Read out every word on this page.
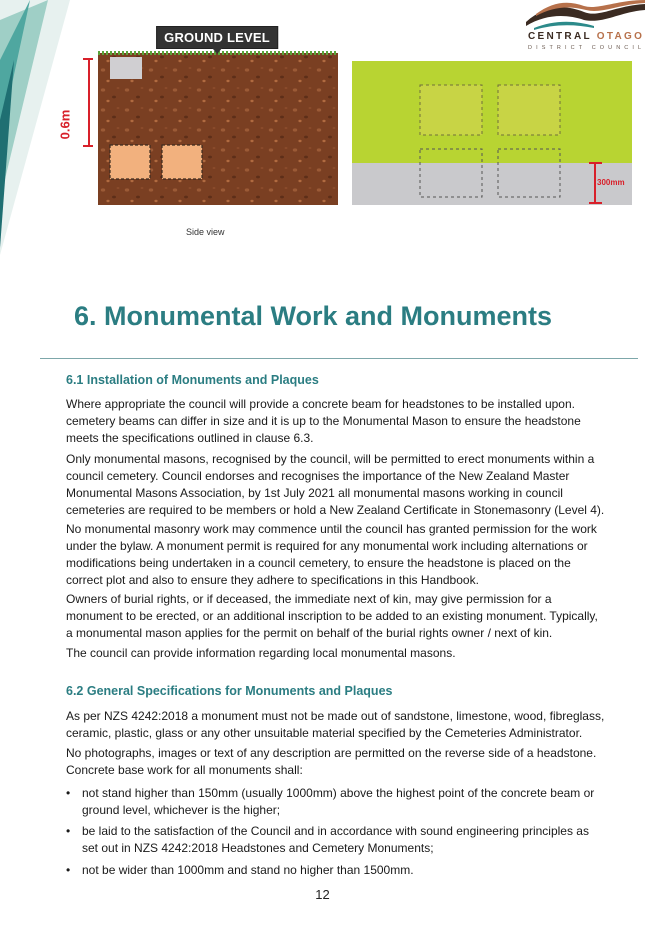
CENTRAL OTAGO
DISTRICT COUNCIL
GROUND LEVEL
0.6m
Side view
300mm
6. Monumental Work and Monuments
6.1 Installation of Monuments and Plaques

Where appropriate the council will provide a concrete beam for headstones to be installed upon. cemetery beams can differ in size and it is up to the Monumental Mason to ensure the headstone meets the specifications outlined in clause 6.3.

Only monumental masons, recognised by the council, will be permitted to erect monuments within a council cemetery. Council endorses and recognises the importance of the New Zealand Master Monumental Masons Association, by 1st July 2021 all monumental masons working in council cemeteries are required to be members or hold a New Zealand Certificate in Stonemasonry (Level 4).

No monumental masonry work may commence until the council has granted permission for the work under the bylaw. A monument permit is required for any monumental work including alternations or modifications being undertaken in a council cemetery, to ensure the headstone is placed on the correct plot and also to ensure they adhere to specifications in this Handbook.

Owners of burial rights, or if deceased, the immediate next of kin, may give permission for a monument to be erected, or an additional inscription to be added to an existing monument. Typically, a monumental mason applies for the permit on behalf of the burial rights owner / next of kin.

The council can provide information regarding local monumental masons.

6.2 General Specifications for Monuments and Plaques

As per NZS 4242:2018 a monument must not be made out of sandstone, limestone, wood, fibreglass, ceramic, plastic, glass or any other unsuitable material specified by the Cemeteries Administrator.

No photographs, images or text of any description are permitted on the reverse side of a headstone. Concrete base work for all monuments shall:

• not stand higher than 150mm (usually 1000mm) above the highest point of the concrete beam or ground level, whichever is the higher;
• be laid to the satisfaction of the Council and in accordance with sound engineering principles as set out in NZS 4242:2018 Headstones and Cemetery Monuments;
• not be wider than 1000mm and stand no higher than 1500mm.
12
